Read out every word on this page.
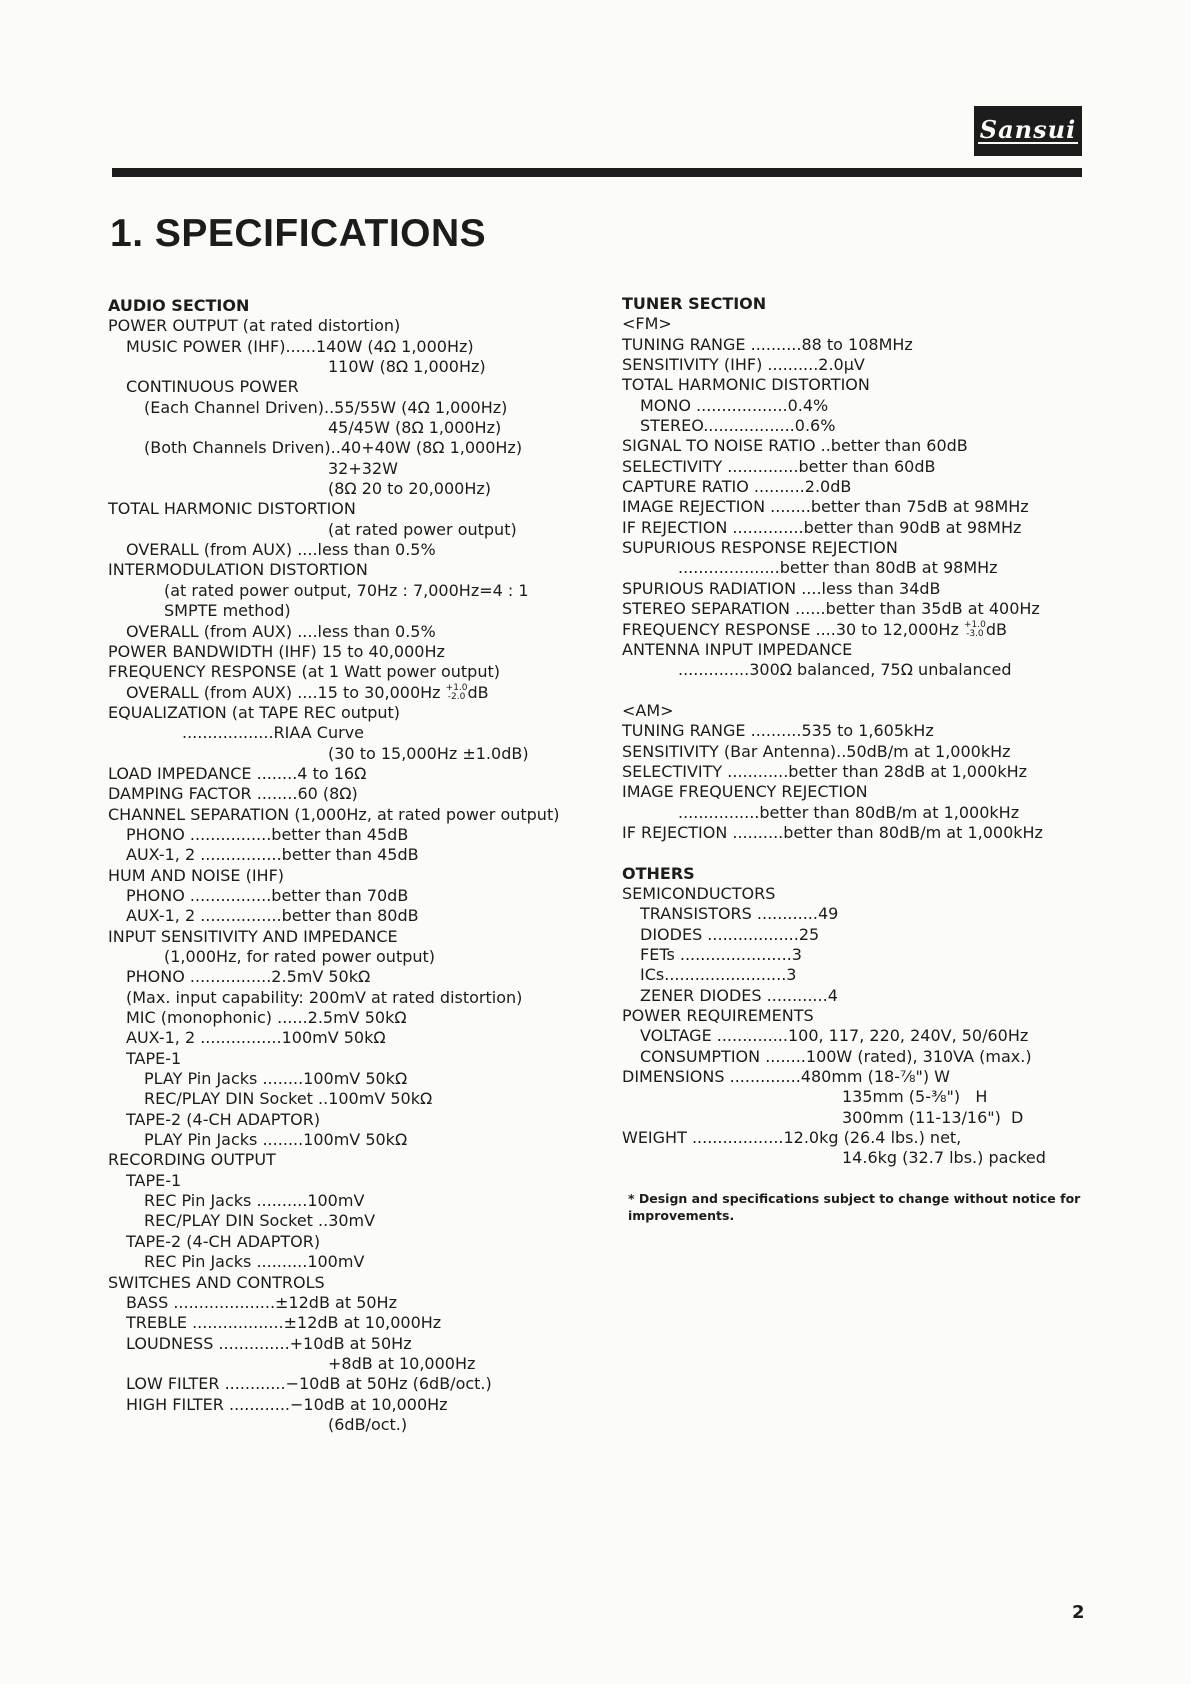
Sansui
1. SPECIFICATIONS
AUDIO SECTION
POWER OUTPUT (at rated distortion)
MUSIC POWER (IHF)......140W (4Ω 1,000Hz)
110W (8Ω 1,000Hz)
CONTINUOUS POWER
(Each Channel Driven)..55/55W (4Ω 1,000Hz)
45/45W (8Ω 1,000Hz)
(Both Channels Driven)..40+40W (8Ω 1,000Hz)
32+32W
(8Ω 20 to 20,000Hz)
TOTAL HARMONIC DISTORTION
(at rated power output)
OVERALL (from AUX) ....less than 0.5%
INTERMODULATION DISTORTION
(at rated power output, 70Hz : 7,000Hz=4 : 1
SMPTE method)
OVERALL (from AUX) ....less than 0.5%
POWER BANDWIDTH (IHF) 15 to 40,000Hz
FREQUENCY RESPONSE (at 1 Watt power output)
OVERALL (from AUX) ....15 to 30,000Hz +1.0
-2.0 dB
EQUALIZATION (at TAPE REC output)
..................RIAA Curve
(30 to 15,000Hz ±1.0dB)
LOAD IMPEDANCE ........4 to 16Ω
DAMPING FACTOR ........60 (8Ω)
CHANNEL SEPARATION (1,000Hz, at rated power output)
PHONO ................better than 45dB
AUX-1, 2 ................better than 45dB
HUM AND NOISE (IHF)
PHONO ................better than 70dB
AUX-1, 2 ................better than 80dB
INPUT SENSITIVITY AND IMPEDANCE
(1,000Hz, for rated power output)
PHONO ................2.5mV 50kΩ
(Max. input capability: 200mV at rated distortion)
MIC (monophonic) ......2.5mV 50kΩ
AUX-1, 2 ................100mV 50kΩ
TAPE-1
PLAY Pin Jacks ........100mV 50kΩ
REC/PLAY DIN Socket ..100mV 50kΩ
TAPE-2 (4-CH ADAPTOR)
PLAY Pin Jacks ........100mV 50kΩ
RECORDING OUTPUT
TAPE-1
REC Pin Jacks ..........100mV
REC/PLAY DIN Socket ..30mV
TAPE-2 (4-CH ADAPTOR)
REC Pin Jacks ..........100mV
SWITCHES AND CONTROLS
BASS ....................±12dB at 50Hz
TREBLE ..................±12dB at 10,000Hz
LOUDNESS ..............+10dB at 50Hz
+8dB at 10,000Hz
LOW FILTER ............−10dB at 50Hz (6dB/oct.)
HIGH FILTER ............−10dB at 10,000Hz
(6dB/oct.)
TUNER SECTION
<FM>
TUNING RANGE ..........88 to 108MHz
SENSITIVITY (IHF) ..........2.0μV
TOTAL HARMONIC DISTORTION
MONO ..................0.4%
STEREO..................0.6%
SIGNAL TO NOISE RATIO ..better than 60dB
SELECTIVITY ..............better than 60dB
CAPTURE RATIO ..........2.0dB
IMAGE REJECTION ........better than 75dB at 98MHz
IF REJECTION ..............better than 90dB at 98MHz
SUPURIOUS RESPONSE REJECTION
....................better than 80dB at 98MHz
SPURIOUS RADIATION ....less than 34dB
STEREO SEPARATION ......better than 35dB at 400Hz
FREQUENCY RESPONSE ....30 to 12,000Hz +1.0
-3.0 dB
ANTENNA INPUT IMPEDANCE
..............300Ω balanced, 75Ω unbalanced
<AM>
TUNING RANGE ..........535 to 1,605kHz
SENSITIVITY (Bar Antenna)..50dB/m at 1,000kHz
SELECTIVITY ............better than 28dB at 1,000kHz
IMAGE FREQUENCY REJECTION
................better than 80dB/m at 1,000kHz
IF REJECTION ..........better than 80dB/m at 1,000kHz
OTHERS
SEMICONDUCTORS
TRANSISTORS ............49
DIODES ..................25
FETs ......................3
ICs........................3
ZENER DIODES ............4
POWER REQUIREMENTS
VOLTAGE ..............100, 117, 220, 240V, 50/60Hz
CONSUMPTION ........100W (rated), 310VA (max.)
DIMENSIONS ..............480mm (18-⅞") W
135mm (5-⅜")   H
300mm (11-13/16")  D
WEIGHT ..................12.0kg (26.4 lbs.) net,
14.6kg (32.7 lbs.) packed
* Design and specifications subject to change without notice for improvements.
2
